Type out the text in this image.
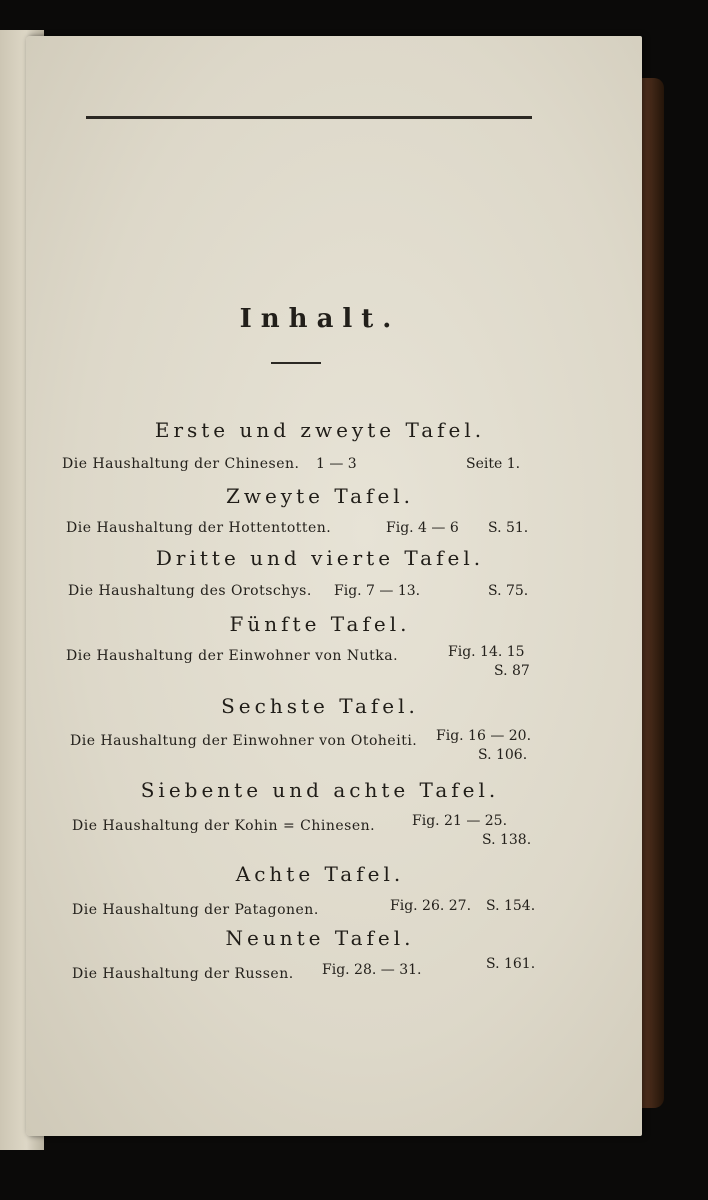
Inhalt.
Erste und zweyte Tafel.
Die Haushaltung der Chinesen. 1 — 3	Seite 1.
Zweyte Tafel.
Die Haushaltung der Hottentotten.	Fig. 4 — 6 S. 51.
Dritte und vierte Tafel.
Die Haushaltung des Orotschys. Fig. 7 — 13.	S. 75.
Fünfte Tafel.
Die Haushaltung der Einwohner von Nutka.	Fig. 14. 15
S. 87
Sechste Tafel.
Die Haushaltung der Einwohner von Otoheiti. Fig. 16 — 20.
S. 106.
Siebente und achte Tafel.
Die Haushaltung der Kohin = Chinesen.	Fig. 21 — 25.
S. 138.
Achte Tafel.
Die Haushaltung der Patagonen.	Fig. 26. 27. S. 154.
Neunte Tafel.
Die Haushaltung der Russen. Fig. 28. — 31.	S. 161.
